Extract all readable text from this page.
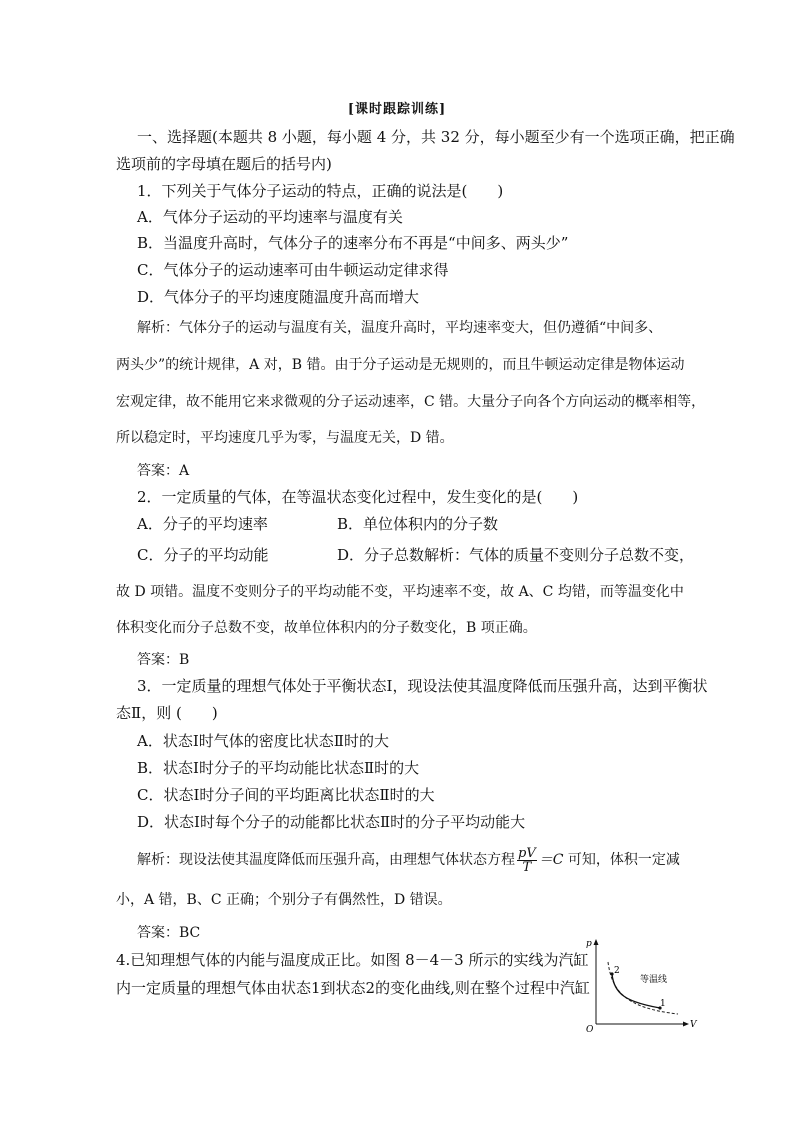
[课时跟踪训练]
一、选择题(本题共 8 小题，每小题 4 分，共 32 分，每小题至少有一个选项正确，把正确
选项前的字母填在题后的括号内)
1．下列关于气体分子运动的特点，正确的说法是(　　)
A．气体分子运动的平均速率与温度有关
B．当温度升高时，气体分子的速率分布不再是“中间多、两头少”
C．气体分子的运动速率可由牛顿运动定律求得
D．气体分子的平均速度随温度升高而增大
解析：气体分子的运动与温度有关，温度升高时，平均速率变大，但仍遵循“中间多、
两头少”的统计规律，A 对，B 错。由于分子运动是无规则的，而且牛顿运动定律是物体运动
宏观定律，故不能用它来求微观的分子运动速率，C 错。大量分子向各个方向运动的概率相等，
所以稳定时，平均速度几乎为零，与温度无关，D 错。
答案：A
2．一定质量的气体，在等温状态变化过程中，发生变化的是(　　)
A．分子的平均速率	B．单位体积内的分子数
C．分子的平均动能	D．分子总数解析：气体的质量不变则分子总数不变，
故 D 项错。温度不变则分子的平均动能不变，平均速率不变，故 A、C 均错，而等温变化中
体积变化而分子总数不变，故单位体积内的分子数变化，B 项正确。
答案：B
3．一定质量的理想气体处于平衡状态Ⅰ，现设法使其温度降低而压强升高，达到平衡状
态Ⅱ，则 (　　)
A．状态Ⅰ时气体的密度比状态Ⅱ时的大
B．状态Ⅰ时分子的平均动能比状态Ⅱ时的大
C．状态Ⅰ时分子间的平均距离比状态Ⅱ时的大
D．状态Ⅰ时每个分子的动能都比状态Ⅱ时的分子平均动能大
解析：现设法使其温度降低而压强升高，由理想气体状态方程 $\frac{pV}{T} =C$ 可知，体积一定减
小，A 错，B、C 正确；个别分子有偶然性，D 错误。
答案：BC
4.已知理想气体的内能与温度成正比。如图 8－4－3 所示的实线为汽缸
内一定质量的理想气体由状态1到状态2的变化曲线,则在整个过程中汽缸
p
V
O
2
1
等温线
